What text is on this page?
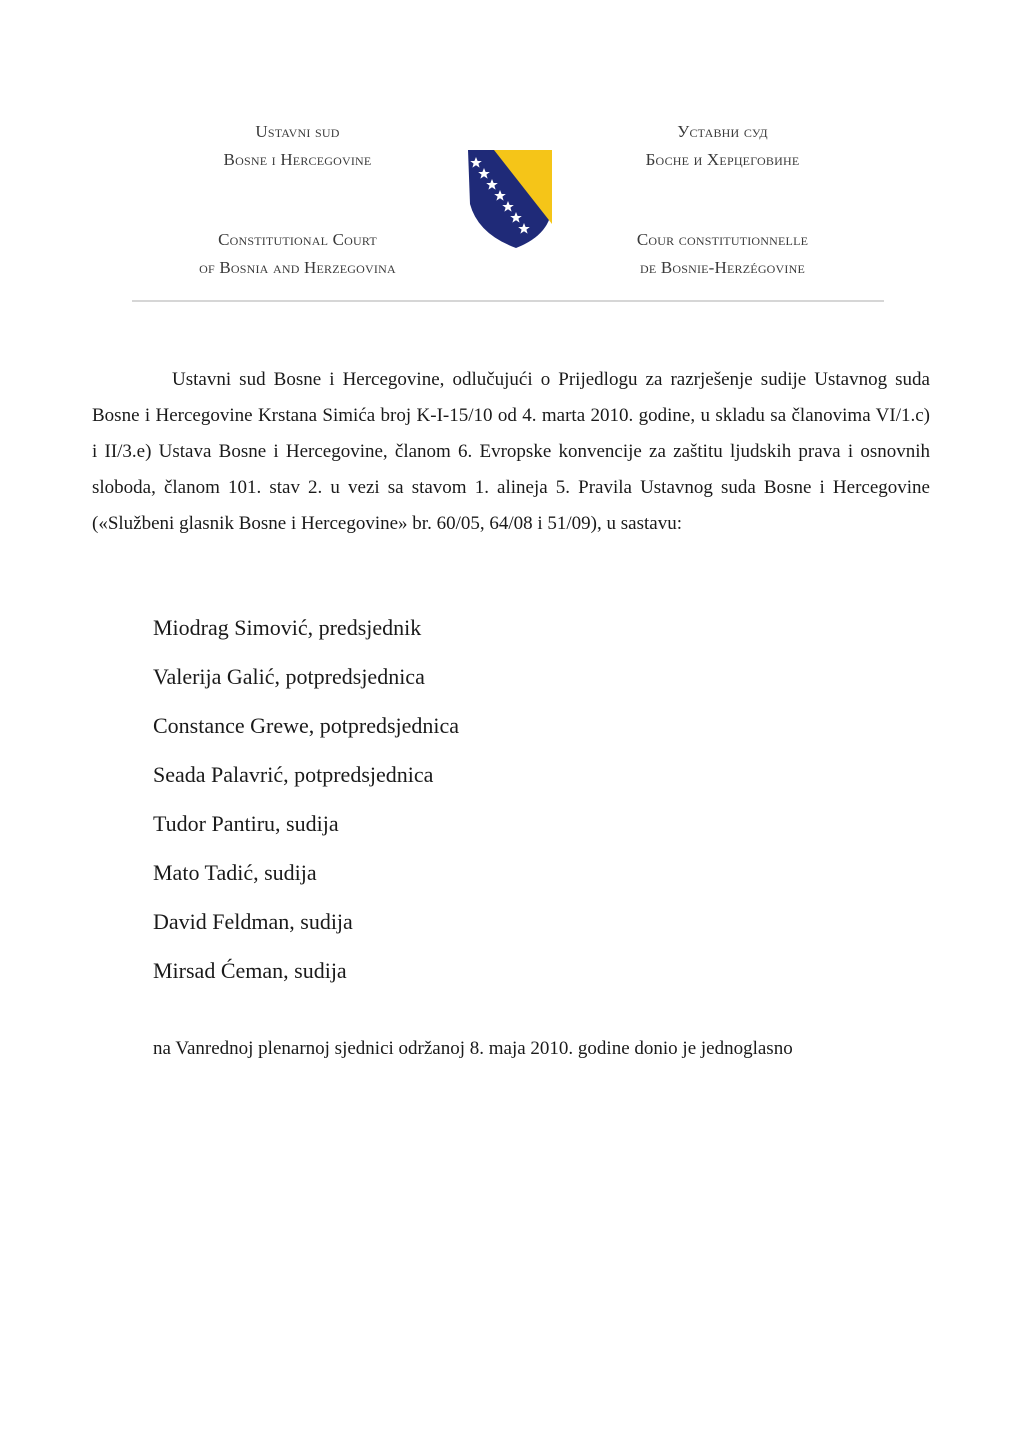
Ustavni sud
Bosne i Hercegovine
Уставни суд
Босне и Херцеговине
Constitutional Court
of Bosnia and Herzegovina
Cour constitutionnelle
de Bosnie-Herzégovine

Ustavni sud Bosne i Hercegovine, odlučujući o Prijedlogu za razrješenje sudije Ustavnog suda Bosne i Hercegovine Krstana Simića broj K-I-15/10 od 4. marta 2010. godine, u skladu sa članovima VI/1.c) i II/3.e) Ustava Bosne i Hercegovine, članom 6. Evropske konvencije za zaštitu ljudskih prava i osnovnih sloboda, članom 101. stav 2. u vezi sa stavom 1. alineja 5. Pravila Ustavnog suda Bosne i Hercegovine («Službeni glasnik Bosne i Hercegovine» br. 60/05, 64/08 i 51/09), u sastavu:

Miodrag Simović, predsjednik
Valerija Galić, potpredsjednica
Constance Grewe, potpredsjednica
Seada Palavrić, potpredsjednica
Tudor Pantiru, sudija
Mato Tadić, sudija
David Feldman, sudija
Mirsad Ćeman, sudija

na Vanrednoj plenarnoj sjednici održanoj 8. maja 2010. godine donio je jednoglasno
